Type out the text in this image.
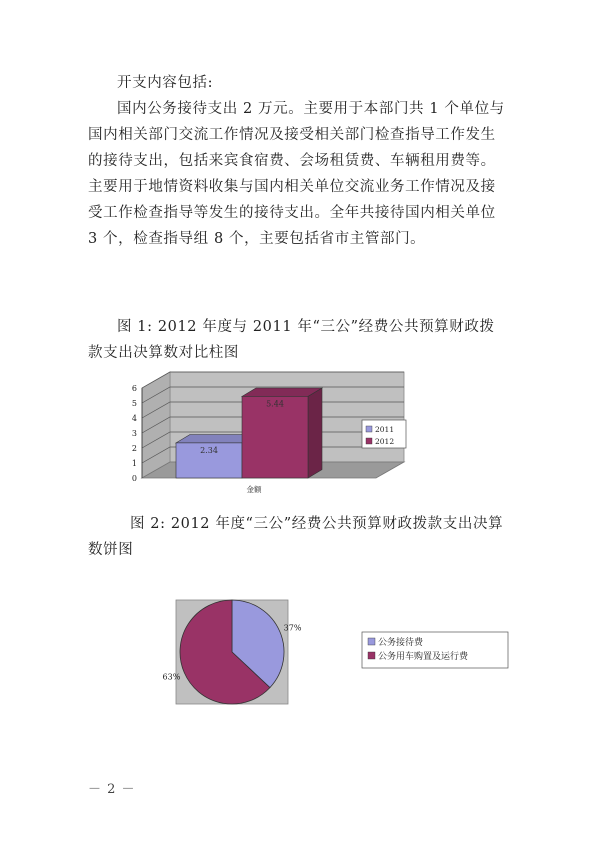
开支内容包括:

国内公务接待支出 2 万元。主要用于本部门共 1 个单位与国内相关部门交流工作情况及接受相关部门检查指导工作发生的接待支出，包括来宾食宿费、会场租赁费、车辆租用费等。主要用于地情资料收集与国内相关单位交流业务工作情况及接受工作检查指导等发生的接待支出。全年共接待国内相关单位 3 个，检查指导组 8 个，主要包括省市主管部门。

图 1: 2012 年度与 2011 年“三公”经费公共预算财政拨款支出决算数对比柱图

0
1
2
3
4
5
6
2.34
5.44
金额
2011
2012

图 2: 2012 年度“三公”经费公共预算财政拨款支出决算数饼图

37%
63%
公务接待费
公务用车购置及运行费
－ 2 －
